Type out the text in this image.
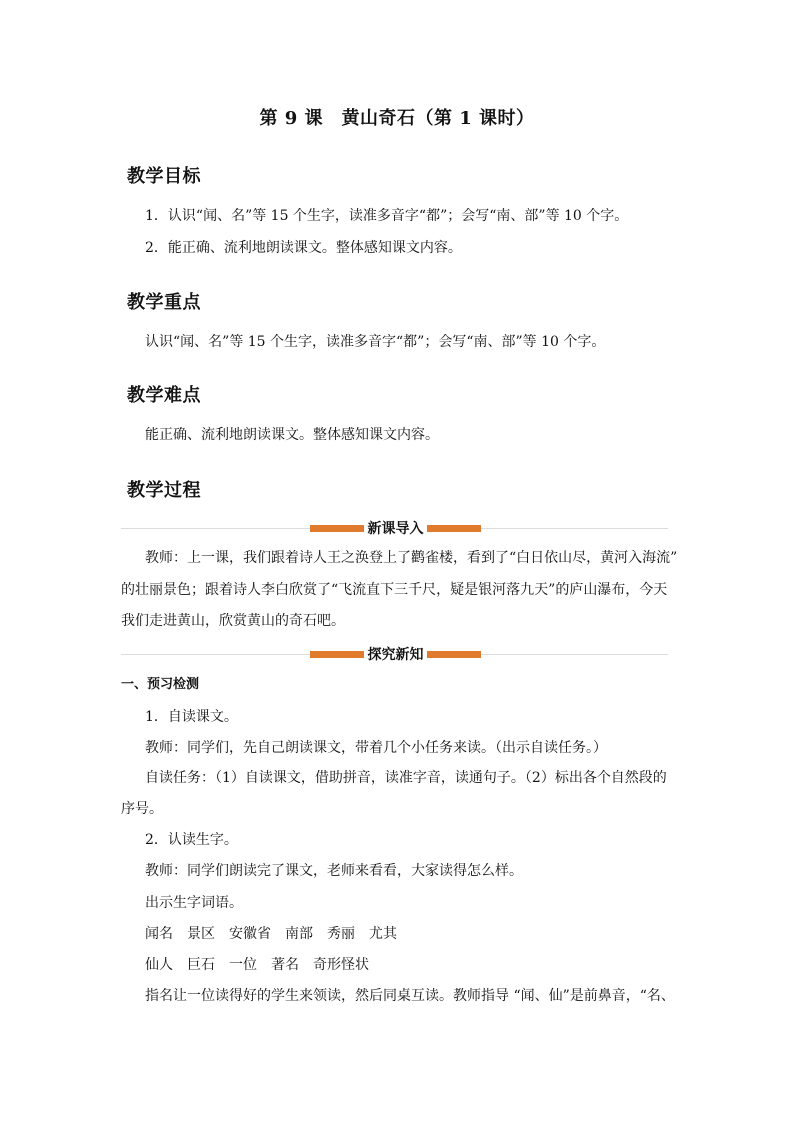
第 9 课　黄山奇石（第 1 课时）
教学目标
1．认识“闻、名”等 15 个生字，读准多音字“都”；会写“南、部”等 10 个字。
2．能正确、流利地朗读课文。整体感知课文内容。
教学重点
认识“闻、名”等 15 个生字，读准多音字“都”；会写“南、部”等 10 个字。
教学难点
能正确、流利地朗读课文。整体感知课文内容。
教学过程
新课导入
教师：上一课，我们跟着诗人王之涣登上了鹳雀楼，看到了“白日依山尽，黄河入海流”
的壮丽景色；跟着诗人李白欣赏了“飞流直下三千尺，疑是银河落九天”的庐山瀑布，今天
我们走进黄山，欣赏黄山的奇石吧。
探究新知
一、预习检测
1．自读课文。
教师：同学们，先自己朗读课文，带着几个小任务来读。（出示自读任务。）
自读任务：（1）自读课文，借助拼音，读准字音，读通句子。（2）标出各个自然段的
序号。
2．认读生字。
教师：同学们朗读完了课文，老师来看看，大家读得怎么样。
出示生字词语。
闻名　景区　安徽省　南部　秀丽　尤其
仙人　巨石　一位　著名　奇形怪状
指名让一位读得好的学生来领读，然后同桌互读。教师指导 “闻、仙”是前鼻音，“名、
